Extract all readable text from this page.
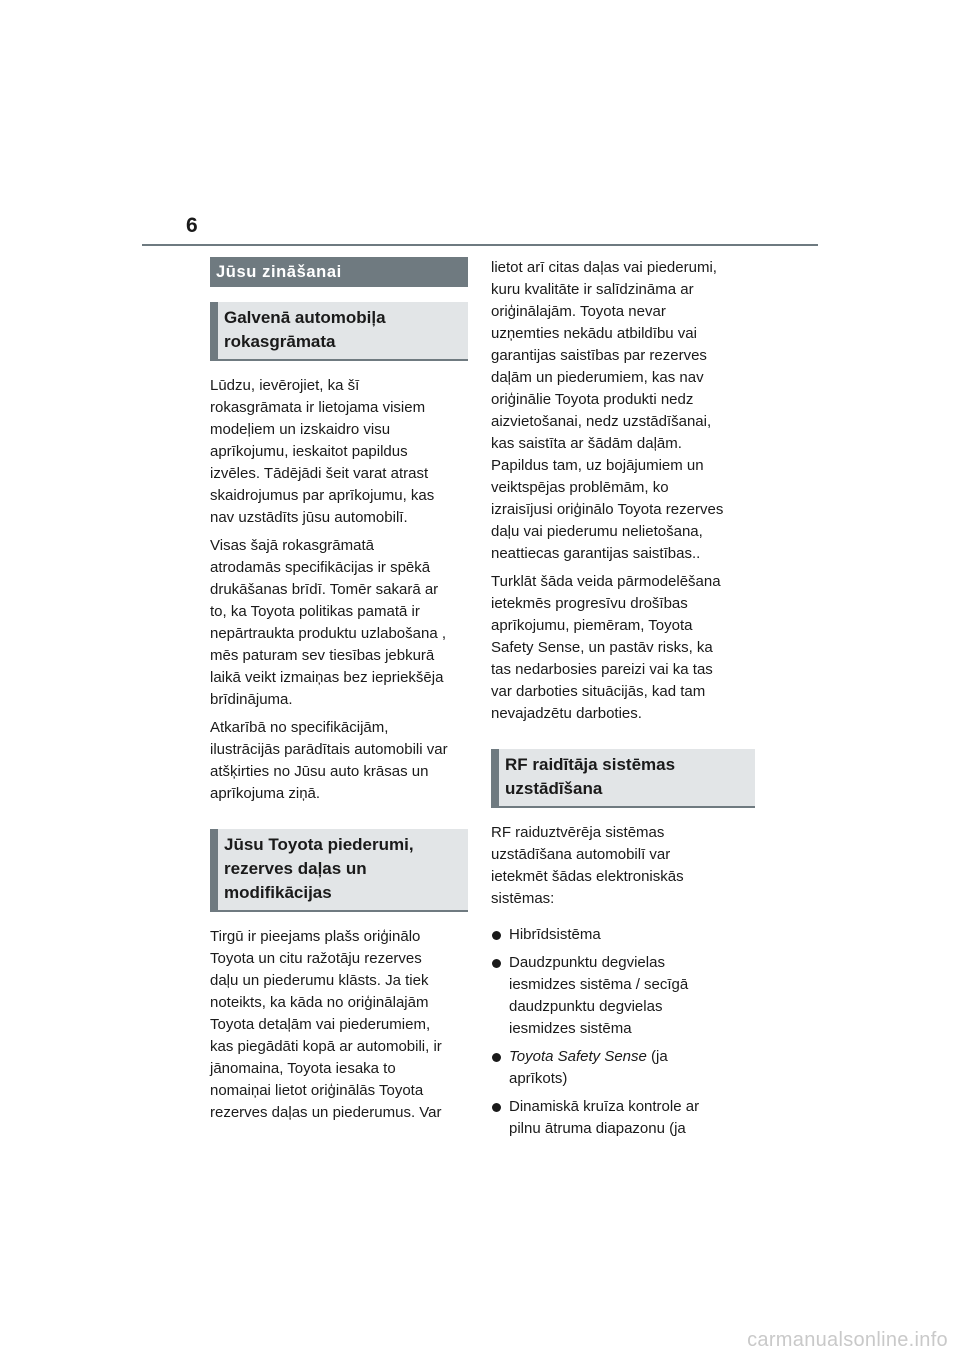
6
Jūsu zināšanai
Galvenā automobiļa
rokasgrāmata

Lūdzu, ievērojiet, ka šī
rokasgrāmata ir lietojama visiem
modeļiem un izskaidro visu
aprīkojumu, ieskaitot papildus
izvēles. Tādējādi šeit varat atrast
skaidrojumus par aprīkojumu, kas
nav uzstādīts jūsu automobilī.

Visas šajā rokasgrāmatā
atrodamās specifikācijas ir spēkā
drukāšanas brīdī. Tomēr sakarā ar
to, ka Toyota politikas pamatā ir
nepārtraukta produktu uzlabošana ,
mēs paturam sev tiesības jebkurā
laikā veikt izmaiņas bez iepriekšēja
brīdinājuma.

Atkarībā no specifikācijām,
ilustrācijās parādītais automobili var
atšķirties no Jūsu auto krāsas un
aprīkojuma ziņā.

Jūsu Toyota piederumi,
rezerves daļas un
modifikācijas

Tirgū ir pieejams plašs oriģinālo
Toyota un citu ražotāju rezerves
daļu un piederumu klāsts. Ja tiek
noteikts, ka kāda no oriģinālajām
Toyota detaļām vai piederumiem,
kas piegādāti kopā ar automobili, ir
jānomaina, Toyota iesaka to
nomaiņai lietot oriģinālās Toyota
rezerves daļas un piederumus. Var

lietot arī citas daļas vai piederumi,
kuru kvalitāte ir salīdzināma ar
oriģinālajām. Toyota nevar
uzņemties nekādu atbildību vai
garantijas saistības par rezerves
daļām un piederumiem, kas nav
oriģinālie Toyota produkti nedz
aizvietošanai, nedz uzstādīšanai,
kas saistīta ar šādām daļām.
Papildus tam, uz bojājumiem un
veiktspējas problēmām, ko
izraisījusi oriģinālo Toyota rezerves
daļu vai piederumu nelietošana,
neattiecas garantijas saistības..

Turklāt šāda veida pārmodelēšana
ietekmēs progresīvu drošības
aprīkojumu, piemēram, Toyota
Safety Sense, un pastāv risks, ka
tas nedarbosies pareizi vai ka tas
var darboties situācijās, kad tam
nevajadzētu darboties.

RF raidītāja sistēmas
uzstādīšana

RF raiduztvērēja sistēmas
uzstādīšana automobilī var
ietekmēt šādas elektroniskās
sistēmas:

Hibrīdsistēma
Daudzpunktu degvielas
iesmidzes sistēma / secīgā
daudzpunktu degvielas
iesmidzes sistēma
Toyota Safety Sense (ja
aprīkots)
Dinamiskā kruīza kontrole ar
pilnu ātruma diapazonu (ja
carmanualsonline.info
